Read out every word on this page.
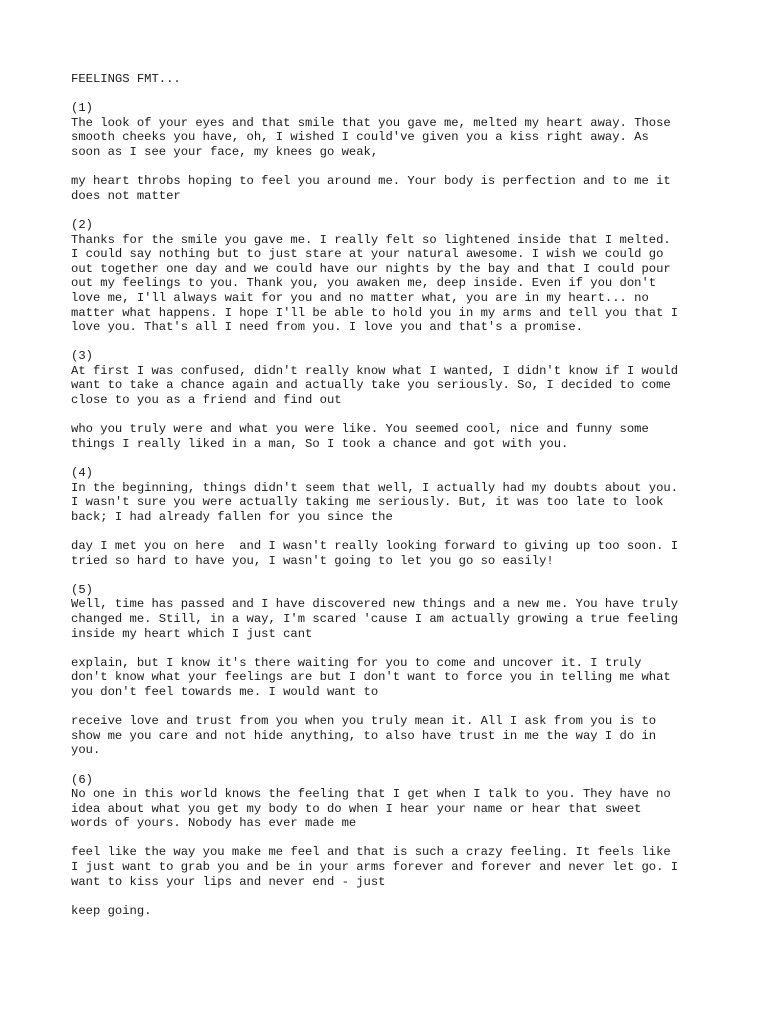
FEELINGS FMT...
(1)
The look of your eyes and that smile that you gave me, melted my heart away. Those
smooth cheeks you have, oh, I wished I could've given you a kiss right away. As
soon as I see your face, my knees go weak,
my heart throbs hoping to feel you around me. Your body is perfection and to me it
does not matter
(2)
Thanks for the smile you gave me. I really felt so lightened inside that I melted.
I could say nothing but to just stare at your natural awesome. I wish we could go
out together one day and we could have our nights by the bay and that I could pour
out my feelings to you. Thank you, you awaken me, deep inside. Even if you don't
love me, I'll always wait for you and no matter what, you are in my heart... no
matter what happens. I hope I'll be able to hold you in my arms and tell you that I
love you. That's all I need from you. I love you and that's a promise.
(3)
At first I was confused, didn't really know what I wanted, I didn't know if I would
want to take a chance again and actually take you seriously. So, I decided to come
close to you as a friend and find out
who you truly were and what you were like. You seemed cool, nice and funny some
things I really liked in a man, So I took a chance and got with you.
(4)
In the beginning, things didn't seem that well, I actually had my doubts about you.
I wasn't sure you were actually taking me seriously. But, it was too late to look
back; I had already fallen for you since the
day I met you on here  and I wasn't really looking forward to giving up too soon. I
tried so hard to have you, I wasn't going to let you go so easily!
(5)
Well, time has passed and I have discovered new things and a new me. You have truly
changed me. Still, in a way, I'm scared 'cause I am actually growing a true feeling
inside my heart which I just cant
explain, but I know it's there waiting for you to come and uncover it. I truly
don't know what your feelings are but I don't want to force you in telling me what
you don't feel towards me. I would want to
receive love and trust from you when you truly mean it. All I ask from you is to
show me you care and not hide anything, to also have trust in me the way I do in
you.
(6)
No one in this world knows the feeling that I get when I talk to you. They have no
idea about what you get my body to do when I hear your name or hear that sweet
words of yours. Nobody has ever made me
feel like the way you make me feel and that is such a crazy feeling. It feels like
I just want to grab you and be in your arms forever and forever and never let go. I
want to kiss your lips and never end - just
keep going.
